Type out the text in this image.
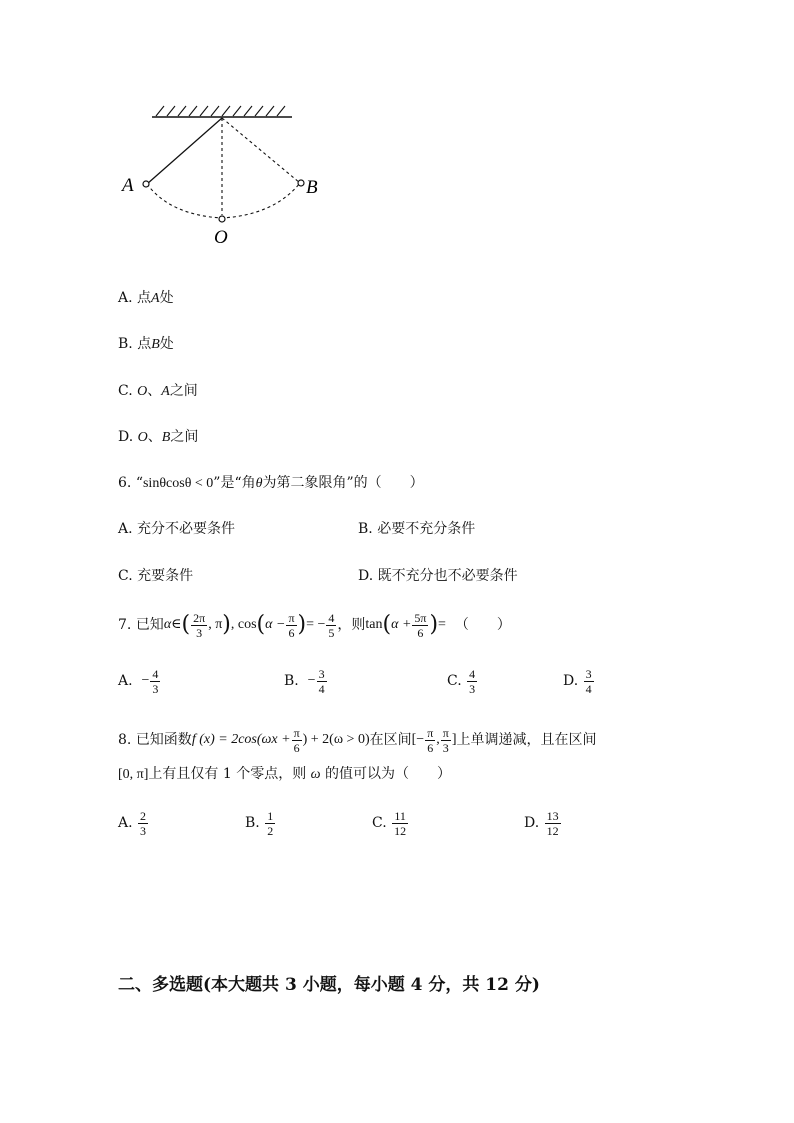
A	B
O
A. 点A处
B. 点B处
C. O、A之间
D. O、B之间
6. “sinθcosθ < 0”是“角θ为第二象限角”的（　　）
A. 充分不必要条件	B. 必要不充分条件
C. 充要条件	D. 既不充分也不必要条件
7.
已知 α ∈ ( $\frac{2\pi}{3}$ , π ) , cos ( $\alpha - \frac{\pi}{6}$ ) = − $\frac{4}{5}$ ，则 tan ( $\alpha + \frac{5\pi}{6}$ ) =
（　　）
A.
− $\frac{4}{3}$	B.
− $\frac{3}{4}$	C.
$\frac{4}{3}$	D.
$\frac{3}{4}$
8.
已知函数 f $(x) = 2\cos(\omega x + \frac{\pi}{6}$ ) + 2(ω > 0) 在区间 [− $\frac{\pi}{6}$ , $\frac{\pi}{3}$ ] 上单调递减，且在区间
[0, π]上有且仅有 1 个零点，则 ω 的值可以为（　　）
A.
$\frac{2}{3}$	B.
$\frac{1}{2}$	C.
$\frac{11}{12}$	D.
$\frac{13}{12}$
二、多选题(本大题共 3 小题，每小题 4 分，共 12 分)
